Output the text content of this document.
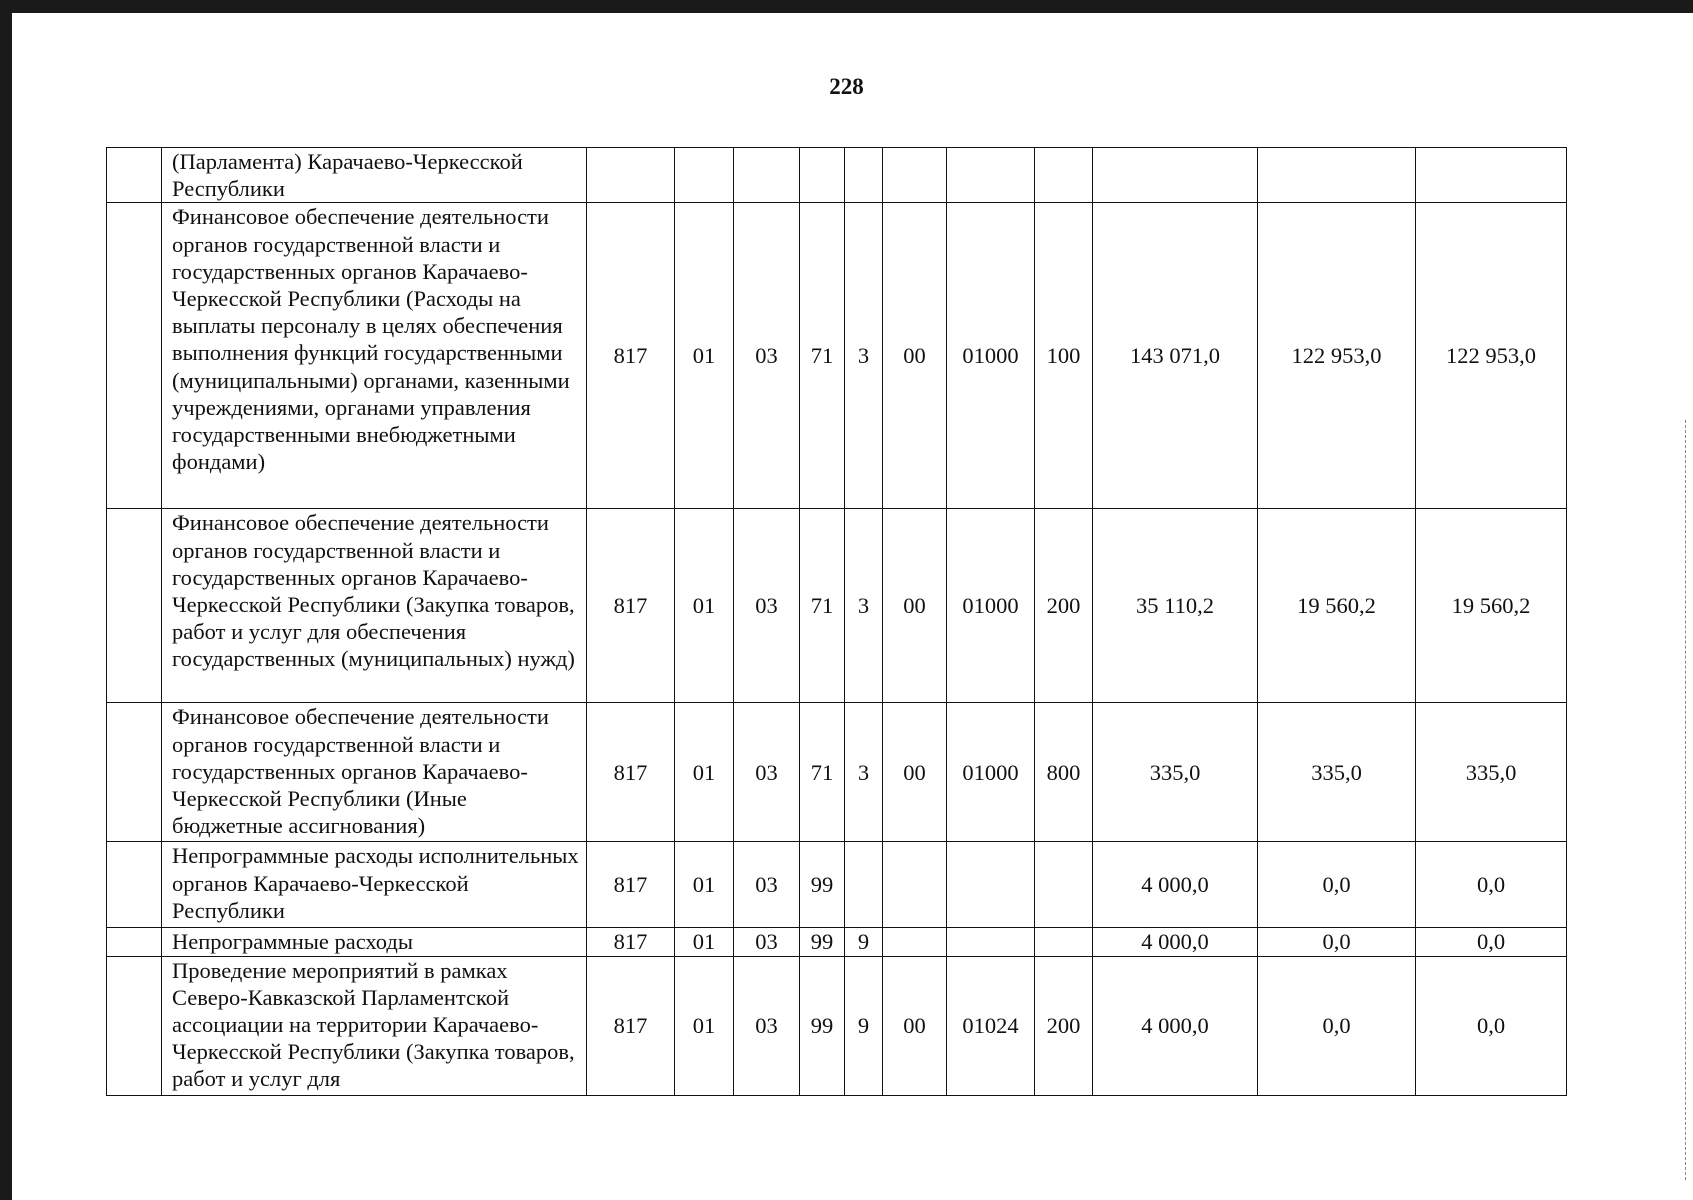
228
	(Парламента) Карачаево-Черкесской Республики											
	Финансовое обеспечение деятельности органов государственной власти и государственных органов Карачаево-Черкесской Республики (Расходы на выплаты персоналу в целях обеспечения выполнения функций государственными (муниципальными) органами, казенными учреждениями, органами управления государственными внебюджетными фондами)	817	01	03	71	3	00	01000	100	143 071,0	122 953,0	122 953,0
	Финансовое обеспечение деятельности органов государственной власти и государственных органов Карачаево-Черкесской Республики (Закупка товаров, работ и услуг для обеспечения государственных (муниципальных) нужд)	817	01	03	71	3	00	01000	200	35 110,2	19 560,2	19 560,2
	Финансовое обеспечение деятельности органов государственной власти и государственных органов Карачаево-Черкесской Республики (Иные бюджетные ассигнования)	817	01	03	71	3	00	01000	800	335,0	335,0	335,0
	Непрограммные расходы исполнительных органов Карачаево-Черкесской Республики	817	01	03	99					4 000,0	0,0	0,0
	Непрограммные расходы	817	01	03	99	9				4 000,0	0,0	0,0
	Проведение мероприятий в рамках Северо-Кавказской Парламентской ассоциации на территории Карачаево-Черкесской Республики (Закупка товаров, работ и услуг для	817	01	03	99	9	00	01024	200	4 000,0	0,0	0,0
